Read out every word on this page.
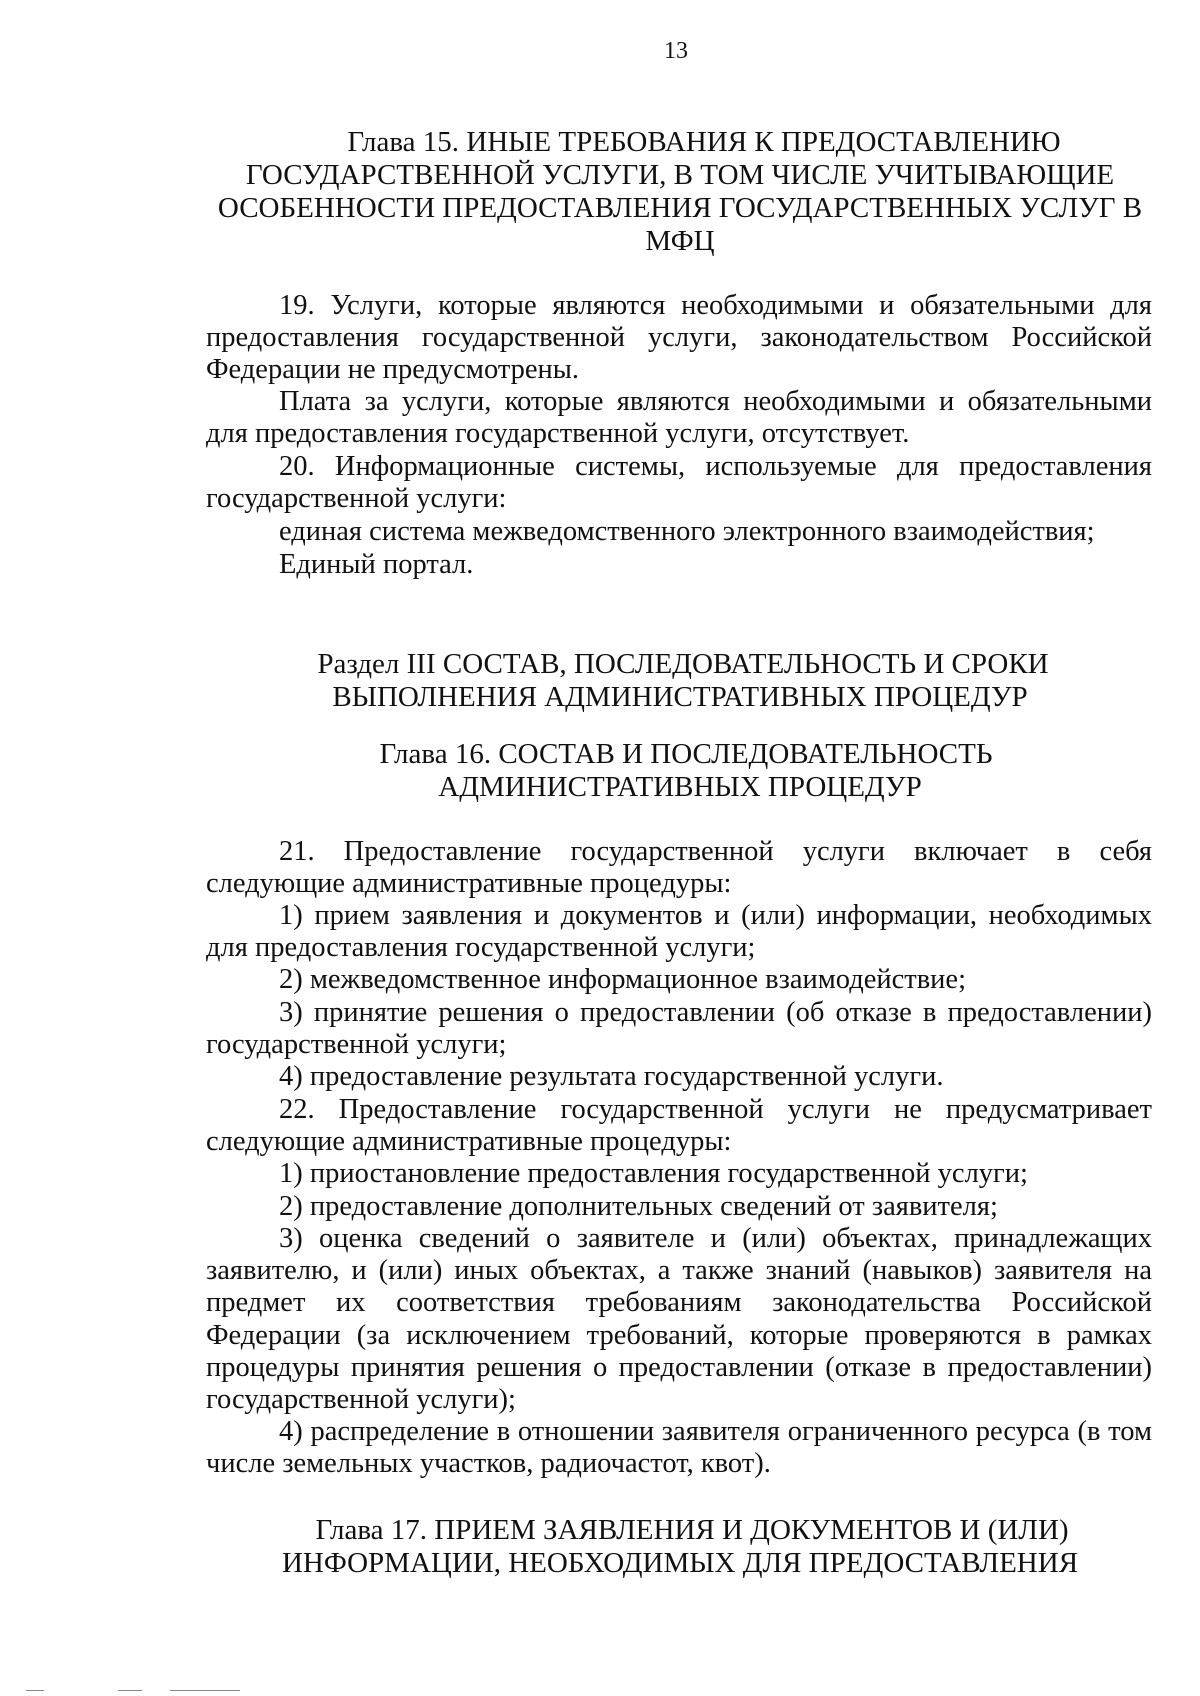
13
Глава 15. ИНЫЕ ТРЕБОВАНИЯ К ПРЕДОСТАВЛЕНИЮ
ГОСУДАРСТВЕННОЙ УСЛУГИ, В ТОМ ЧИСЛЕ УЧИТЫВАЮЩИЕ
ОСОБЕННОСТИ ПРЕДОСТАВЛЕНИЯ ГОСУДАРСТВЕННЫХ УСЛУГ В
МФЦ
19. Услуги, которые являются необходимыми и обязательными для предоставления государственной услуги, законодательством Российской Федерации не предусмотрены.
Плата за услуги, которые являются необходимыми и обязательными для предоставления государственной услуги, отсутствует.
20. Информационные системы, используемые для предоставления государственной услуги:
единая система межведомственного электронного взаимодействия;
Единый портал.
Раздел III СОСТАВ, ПОСЛЕДОВАТЕЛЬНОСТЬ И СРОКИ
ВЫПОЛНЕНИЯ АДМИНИСТРАТИВНЫХ ПРОЦЕДУР
Глава 16. СОСТАВ И ПОСЛЕДОВАТЕЛЬНОСТЬ
АДМИНИСТРАТИВНЫХ ПРОЦЕДУР
21. Предоставление государственной услуги включает в себя следующие административные процедуры:
1) прием заявления и документов и (или) информации, необходимых для предоставления государственной услуги;
2) межведомственное информационное взаимодействие;
3) принятие решения о предоставлении (об отказе в предоставлении) государственной услуги;
4) предоставление результата государственной услуги.
22. Предоставление государственной услуги не предусматривает следующие административные процедуры:
1) приостановление предоставления государственной услуги;
2) предоставление дополнительных сведений от заявителя;
3) оценка сведений о заявителе и (или) объектах, принадлежащих заявителю, и (или) иных объектах, а также знаний (навыков) заявителя на предмет их соответствия требованиям законодательства Российской Федерации (за исключением требований, которые проверяются в рамках процедуры принятия решения о предоставлении (отказе в предоставлении) государственной услуги);
4) распределение в отношении заявителя ограниченного ресурса (в том числе земельных участков, радиочастот, квот).
Глава 17. ПРИЕМ ЗАЯВЛЕНИЯ И ДОКУМЕНТОВ И (ИЛИ)
ИНФОРМАЦИИ, НЕОБХОДИМЫХ ДЛЯ ПРЕДОСТАВЛЕНИЯ
